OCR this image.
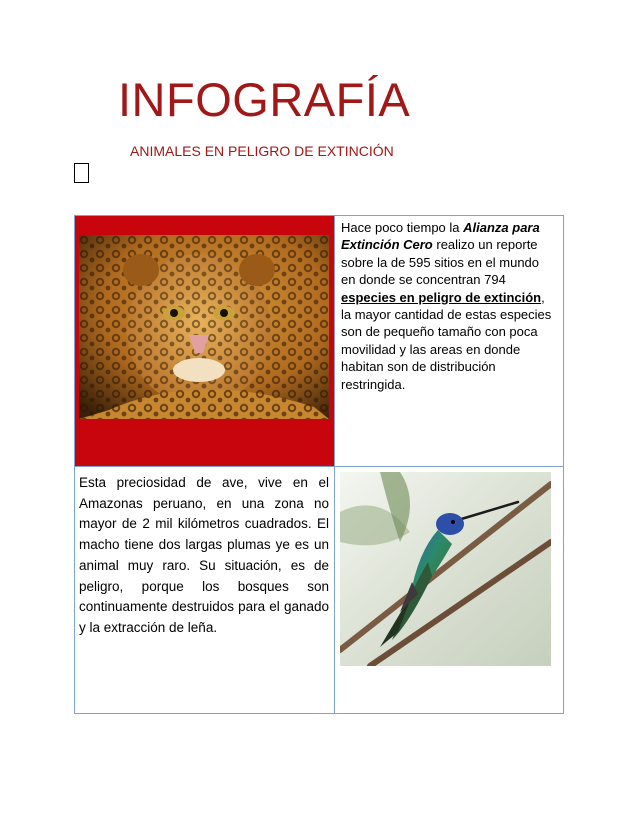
INFOGRAFÍA
ANIMALES EN PELIGRO DE EXTINCIÓN

Hace poco tiempo la Alianza para Extinción Cero realizo un reporte sobre la de 595 sitios en el mundo en donde se concentran 794 especies en peligro de extinción, la mayor cantidad de estas especies son de pequeño tamaño con poca movilidad y las areas en donde habitan son de distribución restringida.

Esta preciosidad de ave, vive en el Amazonas peruano, en una zona no mayor de 2 mil kilómetros cuadrados. El macho tiene dos largas plumas ye es un animal muy raro. Su situación, es de peligro, porque los bosques son continuamente destruidos para el ganado y la extracción de leña.
